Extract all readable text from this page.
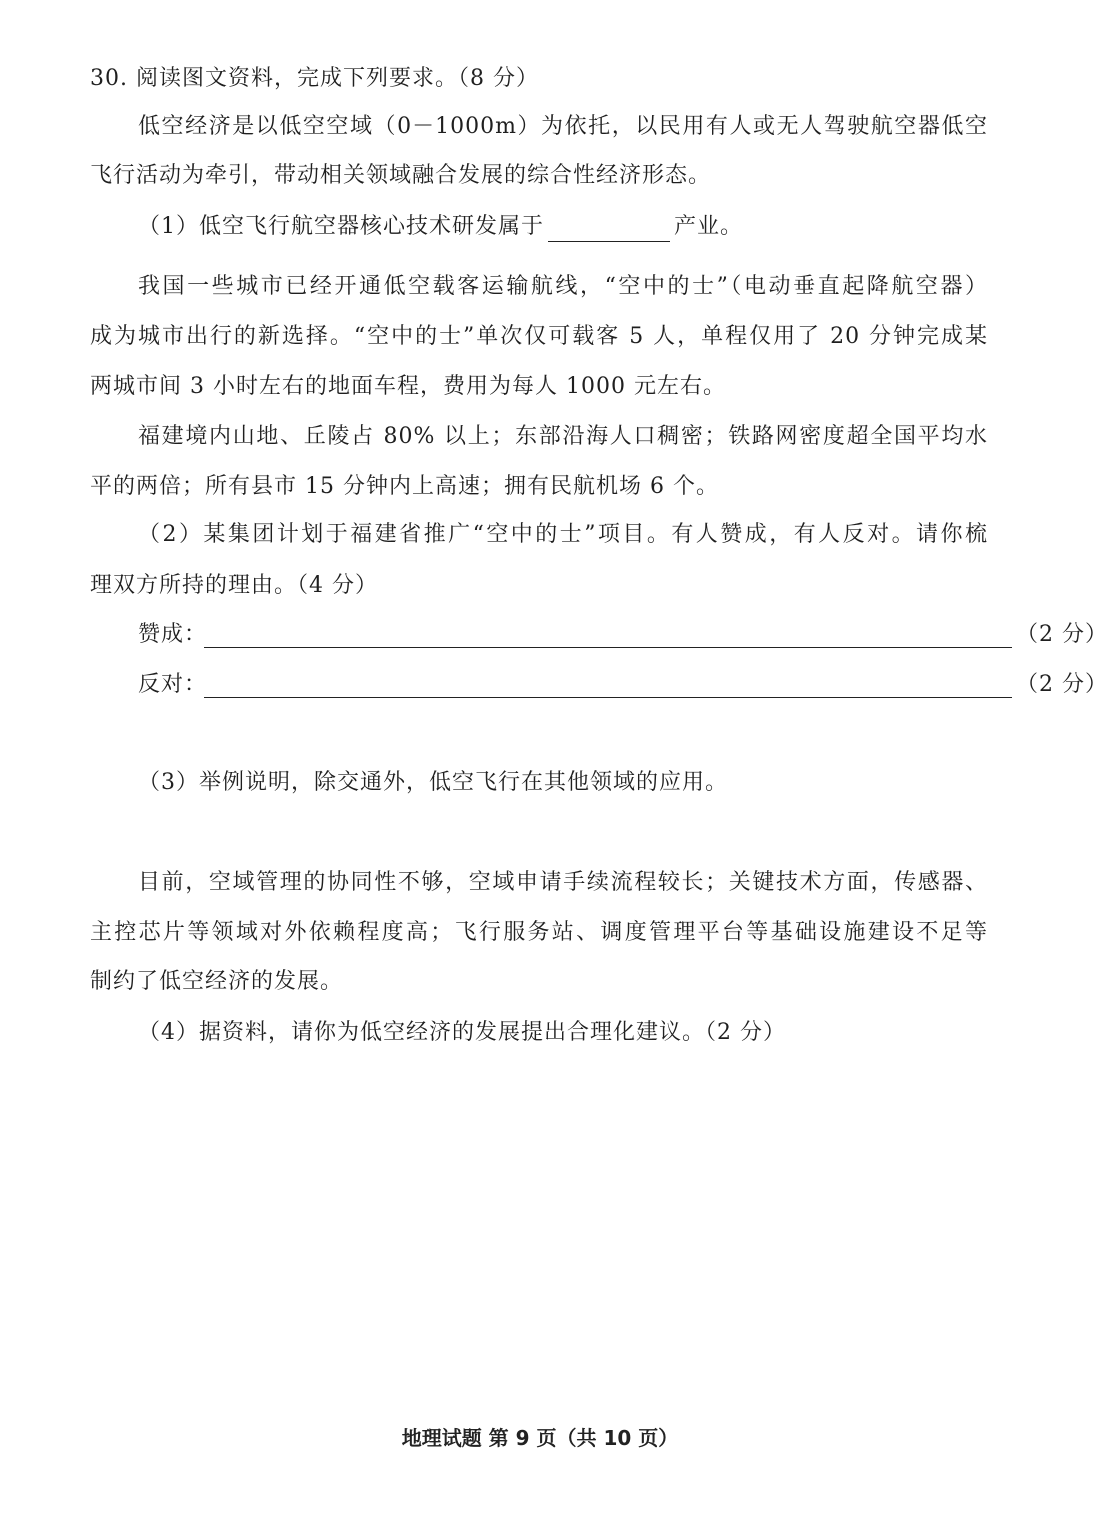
30. 阅读图文资料，完成下列要求。（8 分）
低空经济是以低空空域（0－1000m）为依托，以民用有人或无人驾驶航空器低空
飞行活动为牵引，带动相关领域融合发展的综合性经济形态。
（1）低空飞行航空器核心技术研发属于	产业。
我国一些城市已经开通低空载客运输航线，“空中的士”（电动垂直起降航空器）
成为城市出行的新选择。“空中的士”单次仅可载客 5 人，单程仅用了 20 分钟完成某
两城市间 3 小时左右的地面车程，费用为每人 1000 元左右。
福建境内山地、丘陵占 80% 以上；东部沿海人口稠密；铁路网密度超全国平均水
平的两倍；所有县市 15 分钟内上高速；拥有民航机场 6 个。
（2）某集团计划于福建省推广“空中的士”项目。有人赞成，有人反对。请你梳
理双方所持的理由。（4 分）
赞成：	（2 分）
反对：	（2 分）
（3）举例说明，除交通外，低空飞行在其他领域的应用。
目前，空域管理的协同性不够，空域申请手续流程较长；关键技术方面，传感器、
主控芯片等领域对外依赖程度高；飞行服务站、调度管理平台等基础设施建设不足等
制约了低空经济的发展。
（4）据资料，请你为低空经济的发展提出合理化建议。（2 分）
地理试题 第 9 页（共 10 页）
